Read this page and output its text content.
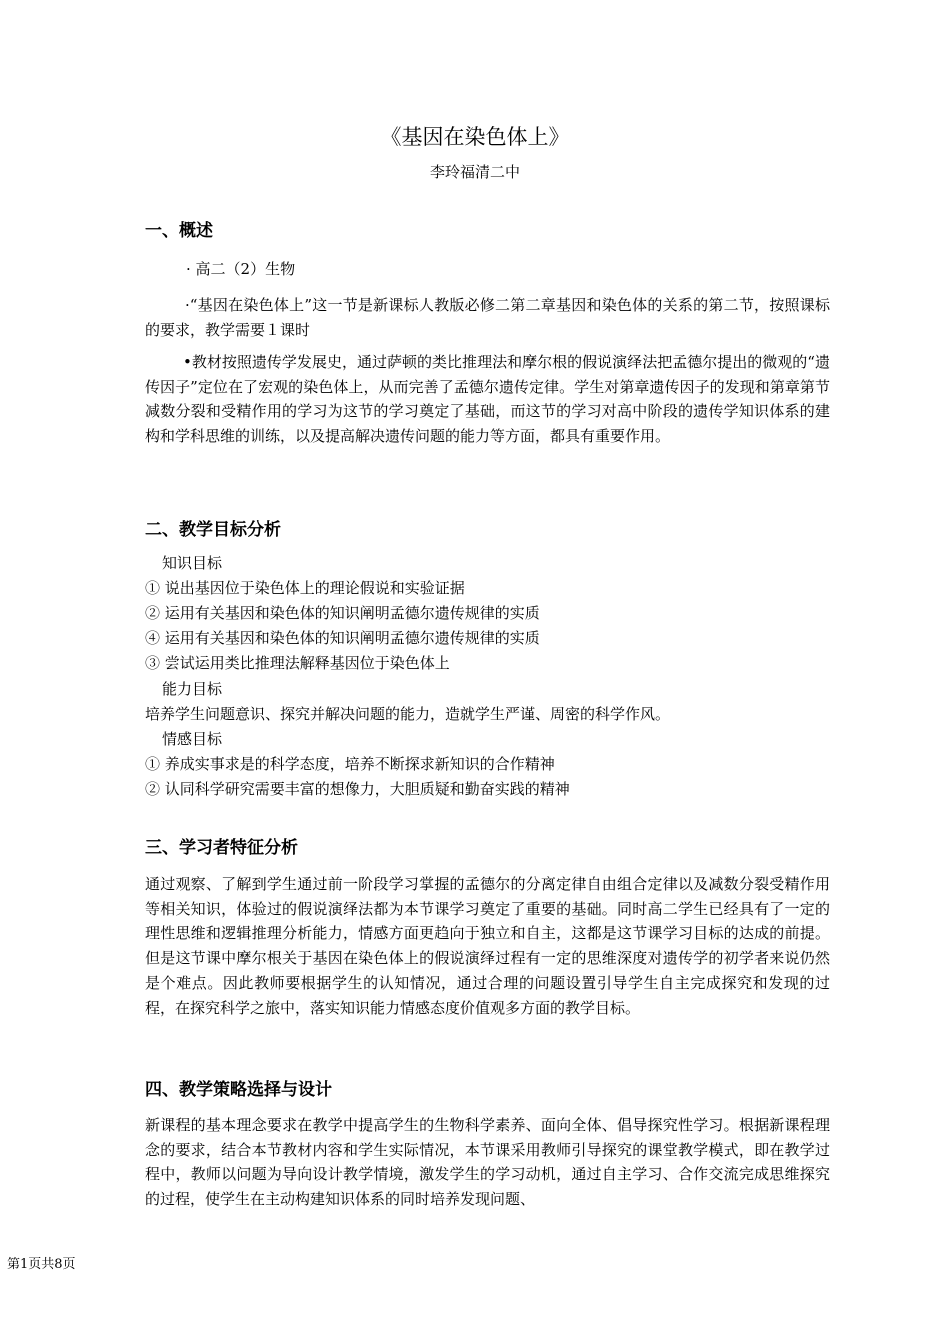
《基因在染色体上》
李玲福清二中
一、概述
· 高二（2）生物
·“基因在染色体上”这一节是新课标人教版必修二第二章基因和染色体的关系的第二节，按照课标的要求，教学需要１课时
•教材按照遗传学发展史，通过萨顿的类比推理法和摩尔根的假说演绎法把孟德尔提出的微观的“遗传因子”定位在了宏观的染色体上，从而完善了孟德尔遗传定律。学生对第章遗传因子的发现和第章第节减数分裂和受精作用的学习为这节的学习奠定了基础，而这节的学习对高中阶段的遗传学知识体系的建构和学科思维的训练，以及提高解决遗传问题的能力等方面，都具有重要作用。
二、教学目标分析
知识目标
① 说出基因位于染色体上的理论假说和实验证据
② 运用有关基因和染色体的知识阐明孟德尔遗传规律的实质
④ 运用有关基因和染色体的知识阐明孟德尔遗传规律的实质
③ 尝试运用类比推理法解释基因位于染色体上
能力目标
培养学生问题意识、探究并解决问题的能力，造就学生严谨、周密的科学作风。
情感目标
① 养成实事求是的科学态度，培养不断探求新知识的合作精神
② 认同科学研究需要丰富的想像力，大胆质疑和勤奋实践的精神
三、学习者特征分析
通过观察、了解到学生通过前一阶段学习掌握的孟德尔的分离定律自由组合定律以及减数分裂受精作用等相关知识，体验过的假说演绎法都为本节课学习奠定了重要的基础。同时高二学生已经具有了一定的理性思维和逻辑推理分析能力，情感方面更趋向于独立和自主，这都是这节课学习目标的达成的前提。但是这节课中摩尔根关于基因在染色体上的假说演绎过程有一定的思维深度对遗传学的初学者来说仍然是个难点。因此教师要根据学生的认知情况，通过合理的问题设置引导学生自主完成探究和发现的过程，在探究科学之旅中，落实知识能力情感态度价值观多方面的教学目标。
四、教学策略选择与设计
新课程的基本理念要求在教学中提高学生的生物科学素养、面向全体、倡导探究性学习。根据新课程理念的要求，结合本节教材内容和学生实际情况，本节课采用教师引导探究的课堂教学模式，即在教学过程中，教师以问题为导向设计教学情境，激发学生的学习动机，通过自主学习、合作交流完成思维探究的过程，使学生在主动构建知识体系的同时培养发现问题、
第1页共8页
